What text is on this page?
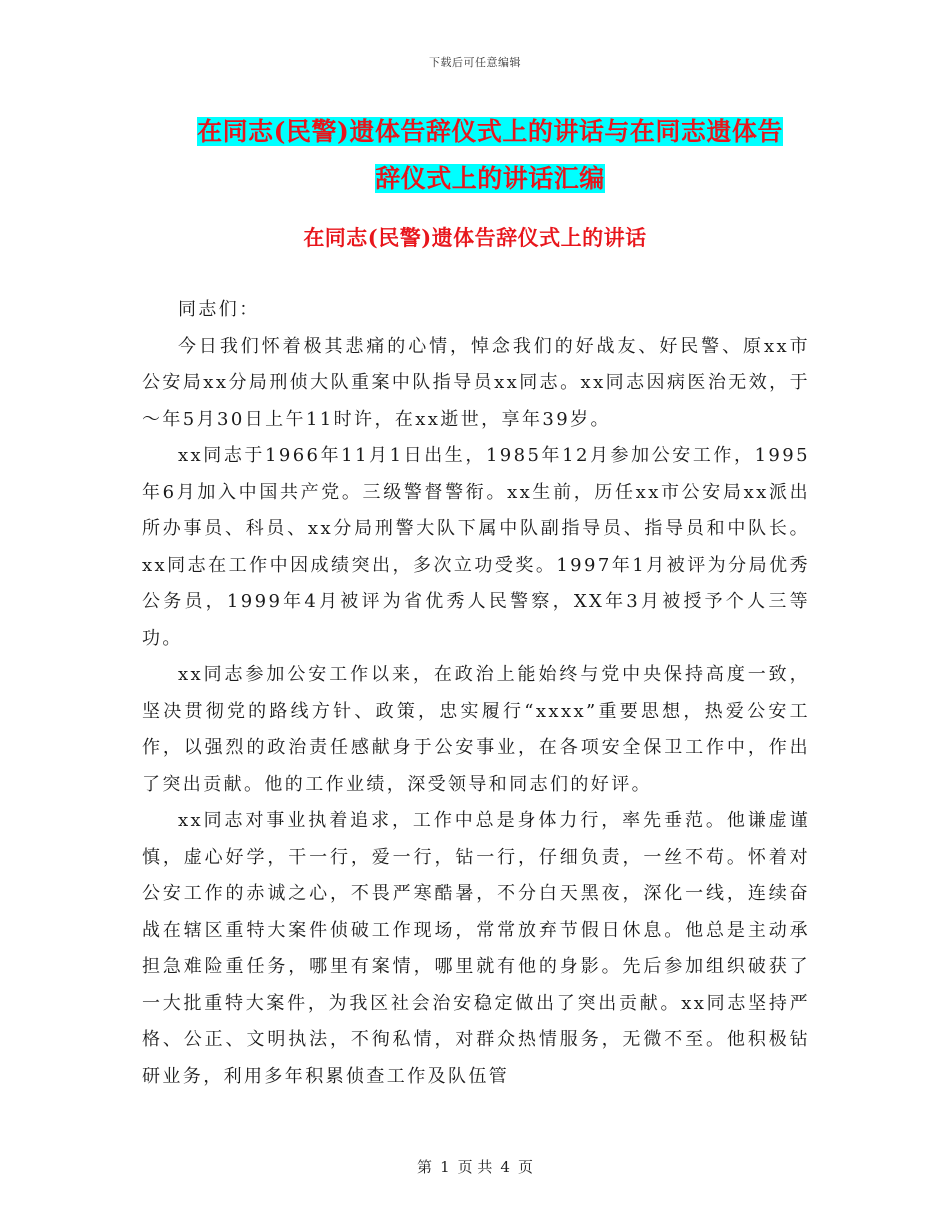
下载后可任意编辑
在同志(民警)遗体告辞仪式上的讲话与在同志遗体告
辞仪式上的讲话汇编
在同志(民警)遗体告辞仪式上的讲话

同志们：

今日我们怀着极其悲痛的心情，悼念我们的好战友、好民警、原xx市公安局xx分局刑侦大队重案中队指导员xx同志。xx同志因病医治无效，于～年5月30日上午11时许，在xx逝世，享年39岁。

xx同志于1966年11月1日出生，1985年12月参加公安工作，1995年6月加入中国共产党。三级警督警衔。xx生前，历任xx市公安局xx派出所办事员、科员、xx分局刑警大队下属中队副指导员、指导员和中队长。xx同志在工作中因成绩突出，多次立功受奖。1997年1月被评为分局优秀公务员，1999年4月被评为省优秀人民警察，XX年3月被授予个人三等功。

xx同志参加公安工作以来，在政治上能始终与党中央保持高度一致，坚决贯彻党的路线方针、政策，忠实履行“xxxx”重要思想，热爱公安工作，以强烈的政治责任感献身于公安事业，在各项安全保卫工作中，作出了突出贡献。他的工作业绩，深受领导和同志们的好评。

xx同志对事业执着追求，工作中总是身体力行，率先垂范。他谦虚谨慎，虚心好学，干一行，爱一行，钻一行，仔细负责，一丝不苟。怀着对公安工作的赤诚之心，不畏严寒酷暑，不分白天黑夜，深化一线，连续奋战在辖区重特大案件侦破工作现场，常常放弃节假日休息。他总是主动承担急难险重任务，哪里有案情，哪里就有他的身影。先后参加组织破获了一大批重特大案件，为我区社会治安稳定做出了突出贡献。xx同志坚持严格、公正、文明执法，不徇私情，对群众热情服务，无微不至。他积极钻研业务，利用多年积累侦查工作及队伍管

第 1 页 共 4 页
